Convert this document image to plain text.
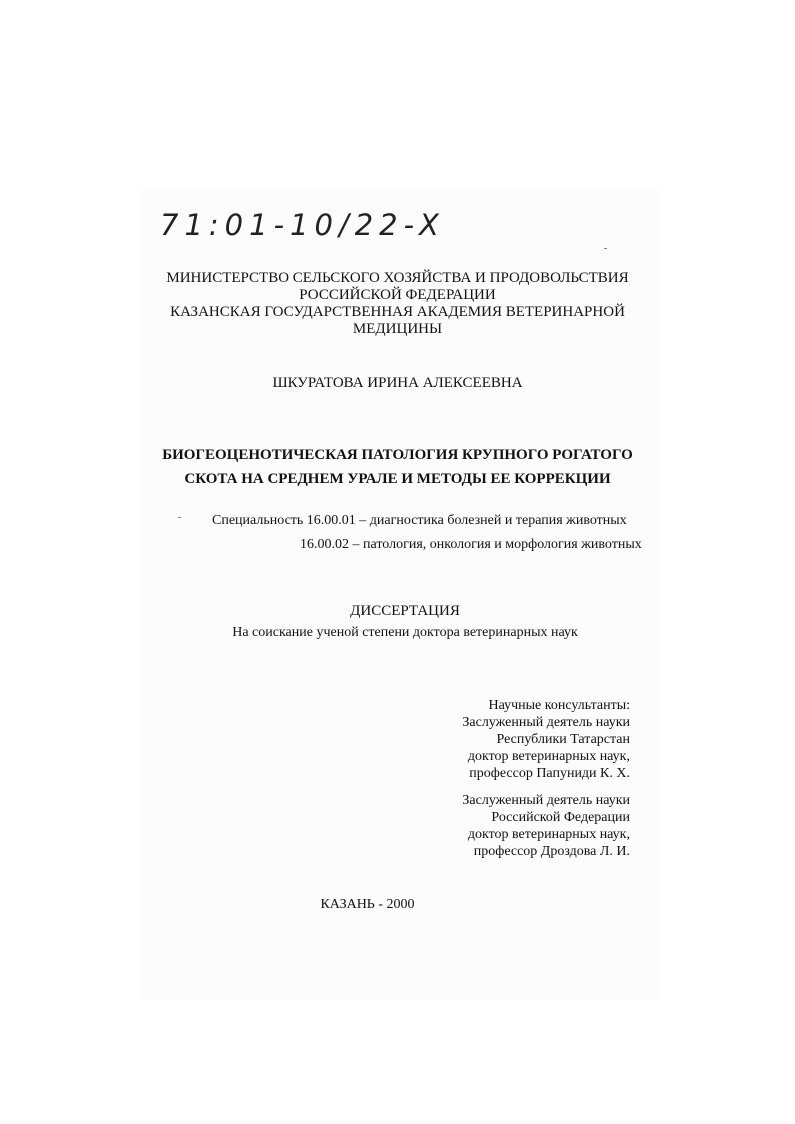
71:01-10/22-X
МИНИСТЕРСТВО СЕЛЬСКОГО ХОЗЯЙСТВА И ПРОДОВОЛЬСТВИЯ
РОССИЙСКОЙ ФЕДЕРАЦИИ
КАЗАНСКАЯ ГОСУДАРСТВЕННАЯ АКАДЕМИЯ ВЕТЕРИНАРНОЙ
МЕДИЦИНЫ
ШКУРАТОВА ИРИНА АЛЕКСЕЕВНА
БИОГЕОЦЕНОТИЧЕСКАЯ ПАТОЛОГИЯ КРУПНОГО РОГАТОГО
СКОТА НА СРЕДНЕМ УРАЛЕ И МЕТОДЫ ЕЕ КОРРЕКЦИИ
Специальность 16.00.01 – диагностика болезней и терапия животных
16.00.02 – патология, онкология и морфология животных
ДИССЕРТАЦИЯ
На соискание ученой степени доктора ветеринарных наук
Научные консультанты:
Заслуженный деятель науки
Республики Татарстан
доктор ветеринарных наук,
профессор Папуниди К. Х.
Заслуженный деятель науки
Российской Федерации
доктор ветеринарных наук,
профессор Дроздова Л. И.
КАЗАНЬ - 2000
